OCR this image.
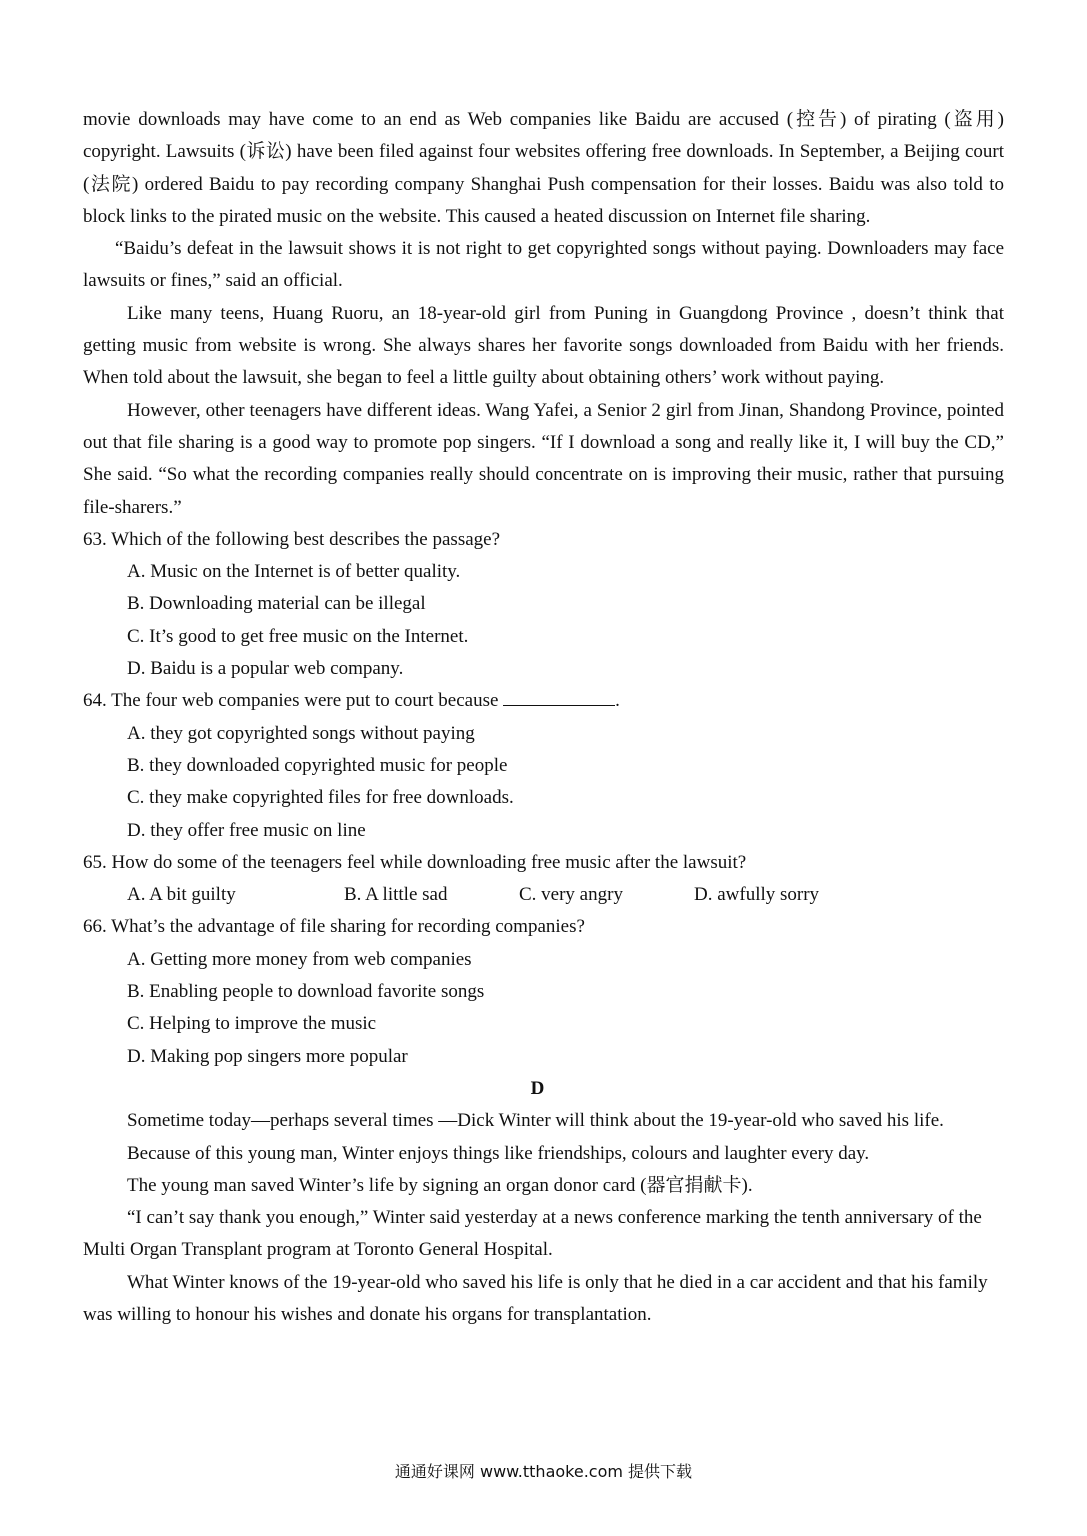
movie downloads may have come to an end as Web companies like Baidu are accused (控告) of pirating (盗用) copyright. Lawsuits (诉讼) have been filed against four websites offering free downloads. In September, a Beijing court (法院) ordered Baidu to pay recording company Shanghai Push compensation for their losses. Baidu was also told to block links to the pirated music on the website. This caused a heated discussion on Internet file sharing.

“Baidu’s defeat in the lawsuit shows it is not right to get copyrighted songs without paying. Downloaders may face lawsuits or fines,” said an official.

Like many teens, Huang Ruoru, an 18-year-old girl from Puning in Guangdong Province , doesn’t think that getting music from website is wrong. She always shares her favorite songs downloaded from Baidu with her friends. When told about the lawsuit, she began to feel a little guilty about obtaining others’ work without paying.

However, other teenagers have different ideas. Wang Yafei, a Senior 2 girl from Jinan, Shandong Province, pointed out that file sharing is a good way to promote pop singers. “If I download a song and really like it, I will buy the CD,” She said. “So what the recording companies really should concentrate on is improving their music, rather that pursuing file-sharers.”

63. Which of the following best describes the passage?

A. Music on the Internet is of better quality.
B. Downloading material can be illegal
C. It’s good to get free music on the Internet.
D. Baidu is a popular web company.

64. The four web companies were put to court because	.

A. they got copyrighted songs without paying
B. they downloaded copyrighted music for people
C. they make copyrighted files for free downloads.
D. they offer free music on line

65. How do some of the teenagers feel while downloading free music after the lawsuit?

A. A bit guilty	B. A little sad	C. very angry	D. awfully sorry

66. What’s the advantage of file sharing for recording companies?

A. Getting more money from web companies
B. Enabling people to download favorite songs
C. Helping to improve the music
D. Making pop singers more popular

D

Sometime today—perhaps several times —Dick Winter will think about the 19-year-old who saved his life.

Because of this young man, Winter enjoys things like friendships, colours and laughter every day.

The young man saved Winter’s life by signing an organ donor card (器官捐献卡).

“I can’t say thank you enough,” Winter said yesterday at a news conference marking the tenth anniversary of the Multi Organ Transplant program at Toronto General Hospital.

What Winter knows of the 19-year-old who saved his life is only that he died in a car accident and that his family was willing to honour his wishes and donate his organs for transplantation.

通通好课网 www.tthaoke.com 提供下载
